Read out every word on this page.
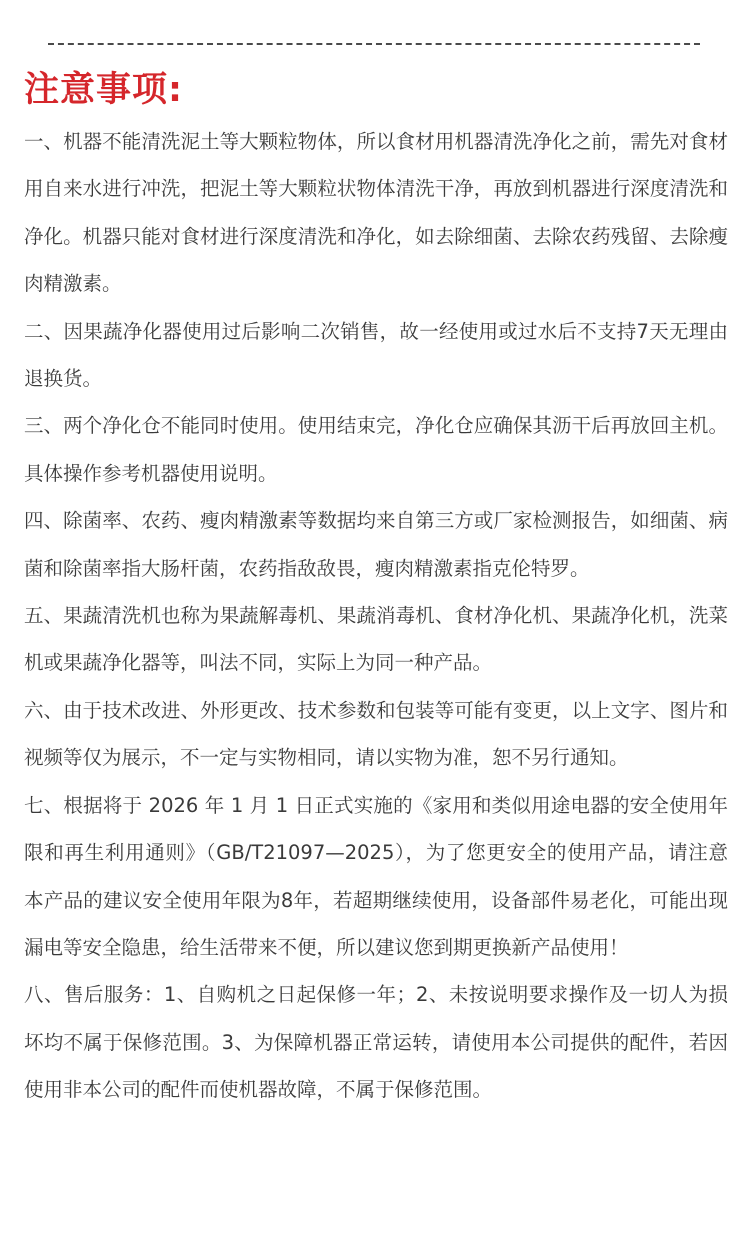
注意事项:

一、机器不能清洗泥土等大颗粒物体，所以食材用机器清洗净化之前，需先对食材用自来水进行冲洗，把泥土等大颗粒状物体清洗干净，再放到机器进行深度清洗和净化。机器只能对食材进行深度清洗和净化，如去除细菌、去除农药残留、去除瘦肉精激素。

二、因果蔬净化器使用过后影响二次销售，故一经使用或过水后不支持7天无理由退换货。

三、两个净化仓不能同时使用。使用结束完，净化仓应确保其沥干后再放回主机。具体操作参考机器使用说明。

四、除菌率、农药、瘦肉精激素等数据均来自第三方或厂家检测报告，如细菌、病菌和除菌率指大肠杆菌，农药指敌敌畏，瘦肉精激素指克伦特罗。

五、果蔬清洗机也称为果蔬解毒机、果蔬消毒机、食材净化机、果蔬净化机，洗菜机或果蔬净化器等，叫法不同，实际上为同一种产品。

六、由于技术改进、外形更改、技术参数和包装等可能有变更，以上文字、图片和视频等仅为展示，不一定与实物相同，请以实物为准，恕不另行通知。

七、根据将于 2026 年 1 月 1 日正式实施的《家用和类似用途电器的安全使用年限和再生利用通则》（GB/T21097—2025），为了您更安全的使用产品，请注意本产品的建议安全使用年限为8年，若超期继续使用，设备部件易老化，可能出现漏电等安全隐患，给生活带来不便，所以建议您到期更换新产品使用！

八、售后服务：1、自购机之日起保修一年；2、未按说明要求操作及一切人为损坏均不属于保修范围。3、为保障机器正常运转，请使用本公司提供的配件，若因使用非本公司的配件而使机器故障，不属于保修范围。
